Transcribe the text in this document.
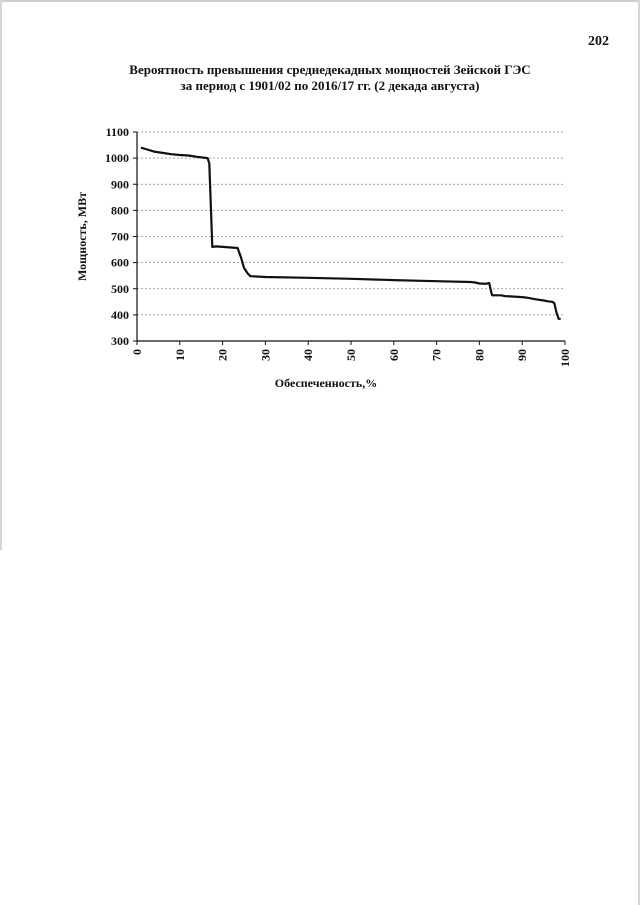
202
Вероятность превышения среднедекадных мощностей Зейской ГЭС
за период с 1901/02 по 2016/17 гг. (2 декада августа)
300
400
500
600
700
800
900
1000
1100
0 10 20 30 40 50 60 70 80 90 100
Мощность, МВт
Обеспеченность,%
